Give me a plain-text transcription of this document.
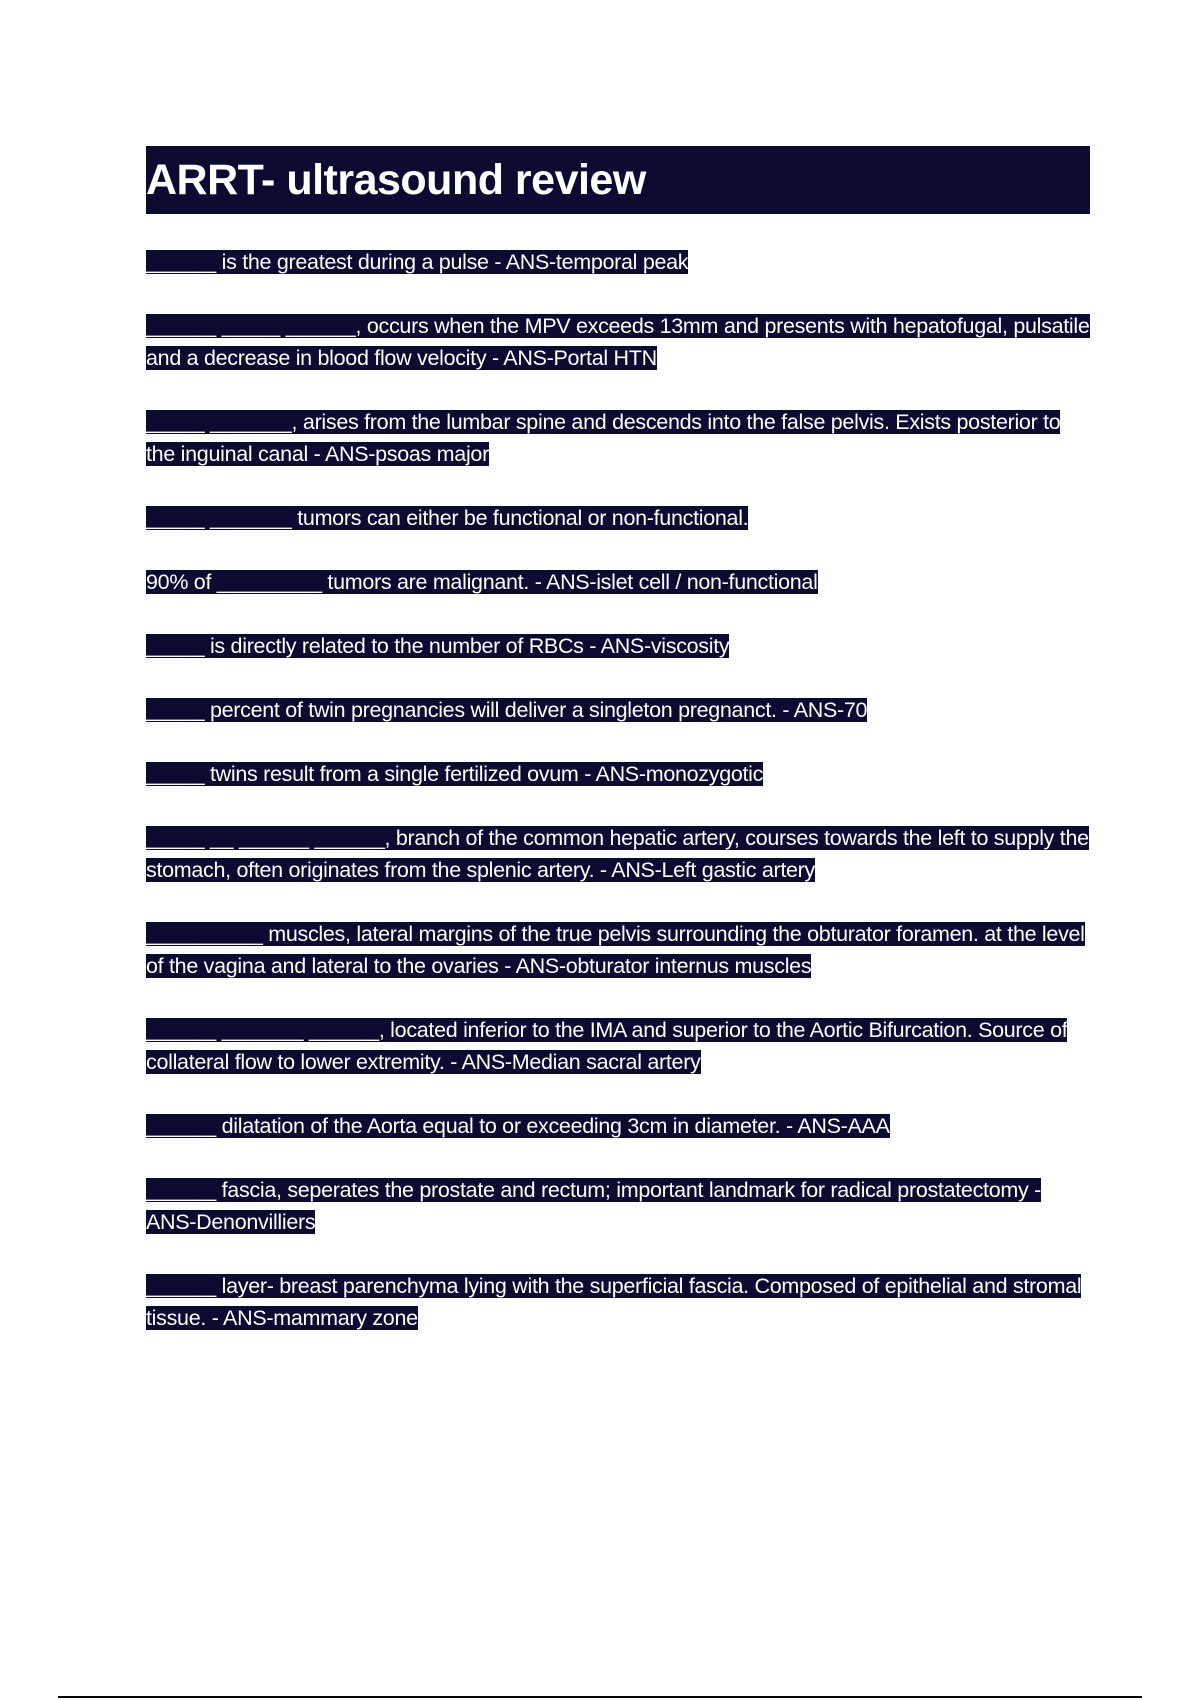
ARRT- ultrasound review

______ is the greatest during a pulse - ANS-temporal peak

______ _____ ______, occurs when the MPV exceeds 13mm and presents with hepatofugal, pulsatile and a decrease in blood flow velocity - ANS-Portal HTN

_____ _______, arises from the lumbar spine and descends into the false pelvis. Exists posterior to the inguinal canal - ANS-psoas major

_____ _______ tumors can either be functional or non-functional.

90% of _________ tumors are malignant. - ANS-islet cell / non-functional

_____ is directly related to the number of RBCs - ANS-viscosity

_____ percent of twin pregnancies will deliver a singleton pregnanct. - ANS-70

_____ twins result from a single fertilized ovum - ANS-monozygotic

_____ __ ______ ______, branch of the common hepatic artery, courses towards the left to supply the stomach, often originates from the splenic artery. - ANS-Left gastic artery

__________ muscles, lateral margins of the true pelvis surrounding the obturator foramen. at the level of the vagina and lateral to the ovaries - ANS-obturator internus muscles

______ _______ ______, located inferior to the IMA and superior to the Aortic Bifurcation. Source of collateral flow to lower extremity. - ANS-Median sacral artery

______ dilatation of the Aorta equal to or exceeding 3cm in diameter. - ANS-AAA

______ fascia, seperates the prostate and rectum; important landmark for radical prostatectomy - ANS-Denonvilliers

______ layer- breast parenchyma lying with the superficial fascia. Composed of epithelial and stromal tissue. - ANS-mammary zone
